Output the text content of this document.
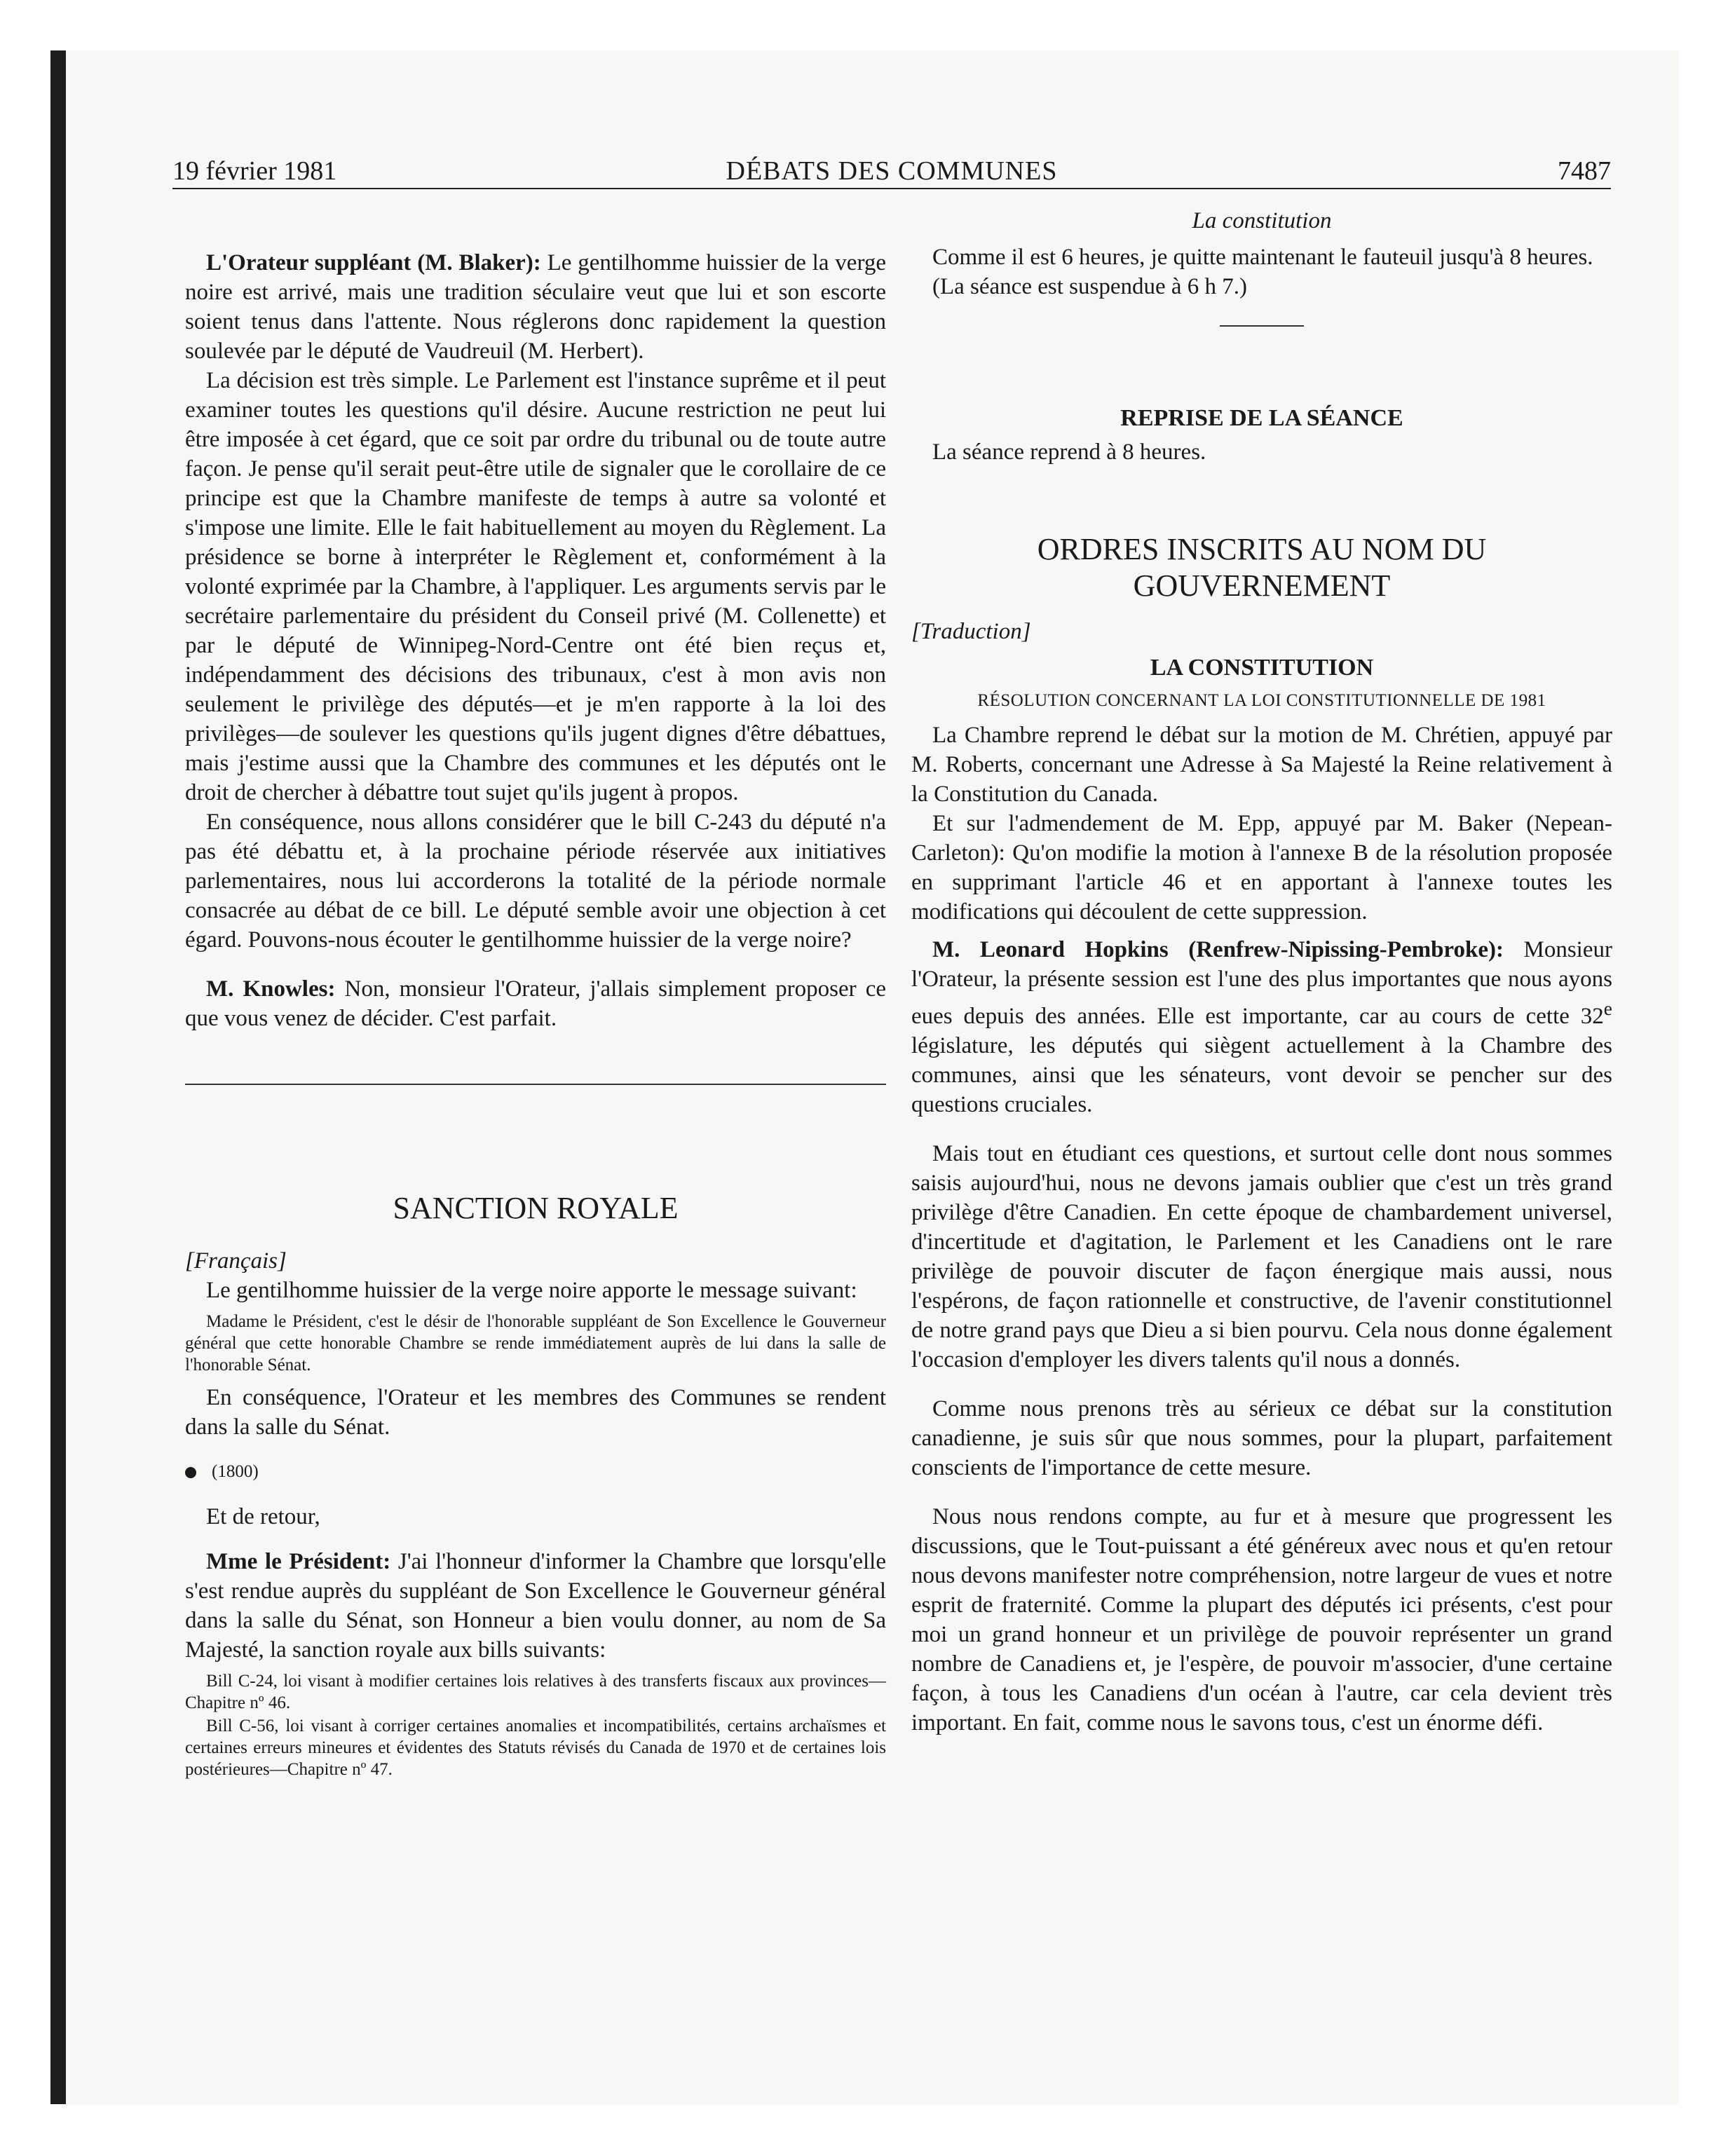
19 février 1981	DÉBATS DES COMMUNES	7487

L'Orateur suppléant (M. Blaker): Le gentilhomme huissier de la verge noire est arrivé, mais une tradition séculaire veut que lui et son escorte soient tenus dans l'attente. Nous réglerons donc rapidement la question soulevée par le député de Vaudreuil (M. Herbert).

La décision est très simple. Le Parlement est l'instance suprême et il peut examiner toutes les questions qu'il désire. Aucune restriction ne peut lui être imposée à cet égard, que ce soit par ordre du tribunal ou de toute autre façon. Je pense qu'il serait peut-être utile de signaler que le corollaire de ce principe est que la Chambre manifeste de temps à autre sa volonté et s'impose une limite. Elle le fait habituellement au moyen du Règlement. La présidence se borne à interpréter le Règlement et, conformément à la volonté exprimée par la Chambre, à l'appliquer. Les arguments servis par le secrétaire parlementaire du président du Conseil privé (M. Collenette) et par le député de Winnipeg-Nord-Centre ont été bien reçus et, indépendamment des décisions des tribunaux, c'est à mon avis non seulement le privilège des députés—et je m'en rapporte à la loi des privilèges—de soulever les questions qu'ils jugent dignes d'être débattues, mais j'estime aussi que la Chambre des communes et les députés ont le droit de chercher à débattre tout sujet qu'ils jugent à propos.

En conséquence, nous allons considérer que le bill C-243 du député n'a pas été débattu et, à la prochaine période réservée aux initiatives parlementaires, nous lui accorderons la totalité de la période normale consacrée au débat de ce bill. Le député semble avoir une objection à cet égard. Pouvons-nous écouter le gentilhomme huissier de la verge noire?

M. Knowles: Non, monsieur l'Orateur, j'allais simplement proposer ce que vous venez de décider. C'est parfait.

SANCTION ROYALE

[Français]

Le gentilhomme huissier de la verge noire apporte le message suivant:

Madame le Président, c'est le désir de l'honorable suppléant de Son Excellence le Gouverneur général que cette honorable Chambre se rende immédiatement auprès de lui dans la salle de l'honorable Sénat.

En conséquence, l'Orateur et les membres des Communes se rendent dans la salle du Sénat.

(1800)

Et de retour,

Mme le Président: J'ai l'honneur d'informer la Chambre que lorsqu'elle s'est rendue auprès du suppléant de Son Excellence le Gouverneur général dans la salle du Sénat, son Honneur a bien voulu donner, au nom de Sa Majesté, la sanction royale aux bills suivants:

Bill C-24, loi visant à modifier certaines lois relatives à des transferts fiscaux aux provinces—Chapitre nº 46.

Bill C-56, loi visant à corriger certaines anomalies et incompatibilités, certains archaïsmes et certaines erreurs mineures et évidentes des Statuts révisés du Canada de 1970 et de certaines lois postérieures—Chapitre nº 47.

La constitution

Comme il est 6 heures, je quitte maintenant le fauteuil jusqu'à 8 heures.

(La séance est suspendue à 6 h 7.)

REPRISE DE LA SÉANCE

La séance reprend à 8 heures.

ORDRES INSCRITS AU NOM DU GOUVERNEMENT

[Traduction]

LA CONSTITUTION

RÉSOLUTION CONCERNANT LA LOI CONSTITUTIONNELLE DE 1981

La Chambre reprend le débat sur la motion de M. Chrétien, appuyé par M. Roberts, concernant une Adresse à Sa Majesté la Reine relativement à la Constitution du Canada.

Et sur l'admendement de M. Epp, appuyé par M. Baker (Nepean-Carleton): Qu'on modifie la motion à l'annexe B de la résolution proposée en supprimant l'article 46 et en apportant à l'annexe toutes les modifications qui découlent de cette suppression.

M. Leonard Hopkins (Renfrew-Nipissing-Pembroke): Monsieur l'Orateur, la présente session est l'une des plus importantes que nous ayons eues depuis des années. Elle est importante, car au cours de cette 32e législature, les députés qui siègent actuellement à la Chambre des communes, ainsi que les sénateurs, vont devoir se pencher sur des questions cruciales.

Mais tout en étudiant ces questions, et surtout celle dont nous sommes saisis aujourd'hui, nous ne devons jamais oublier que c'est un très grand privilège d'être Canadien. En cette époque de chambardement universel, d'incertitude et d'agitation, le Parlement et les Canadiens ont le rare privilège de pouvoir discuter de façon énergique mais aussi, nous l'espérons, de façon rationnelle et constructive, de l'avenir constitutionnel de notre grand pays que Dieu a si bien pourvu. Cela nous donne également l'occasion d'employer les divers talents qu'il nous a donnés.

Comme nous prenons très au sérieux ce débat sur la constitution canadienne, je suis sûr que nous sommes, pour la plupart, parfaitement conscients de l'importance de cette mesure.

Nous nous rendons compte, au fur et à mesure que progressent les discussions, que le Tout-puissant a été généreux avec nous et qu'en retour nous devons manifester notre compréhension, notre largeur de vues et notre esprit de fraternité. Comme la plupart des députés ici présents, c'est pour moi un grand honneur et un privilège de pouvoir représenter un grand nombre de Canadiens et, je l'espère, de pouvoir m'associer, d'une certaine façon, à tous les Canadiens d'un océan à l'autre, car cela devient très important. En fait, comme nous le savons tous, c'est un énorme défi.
